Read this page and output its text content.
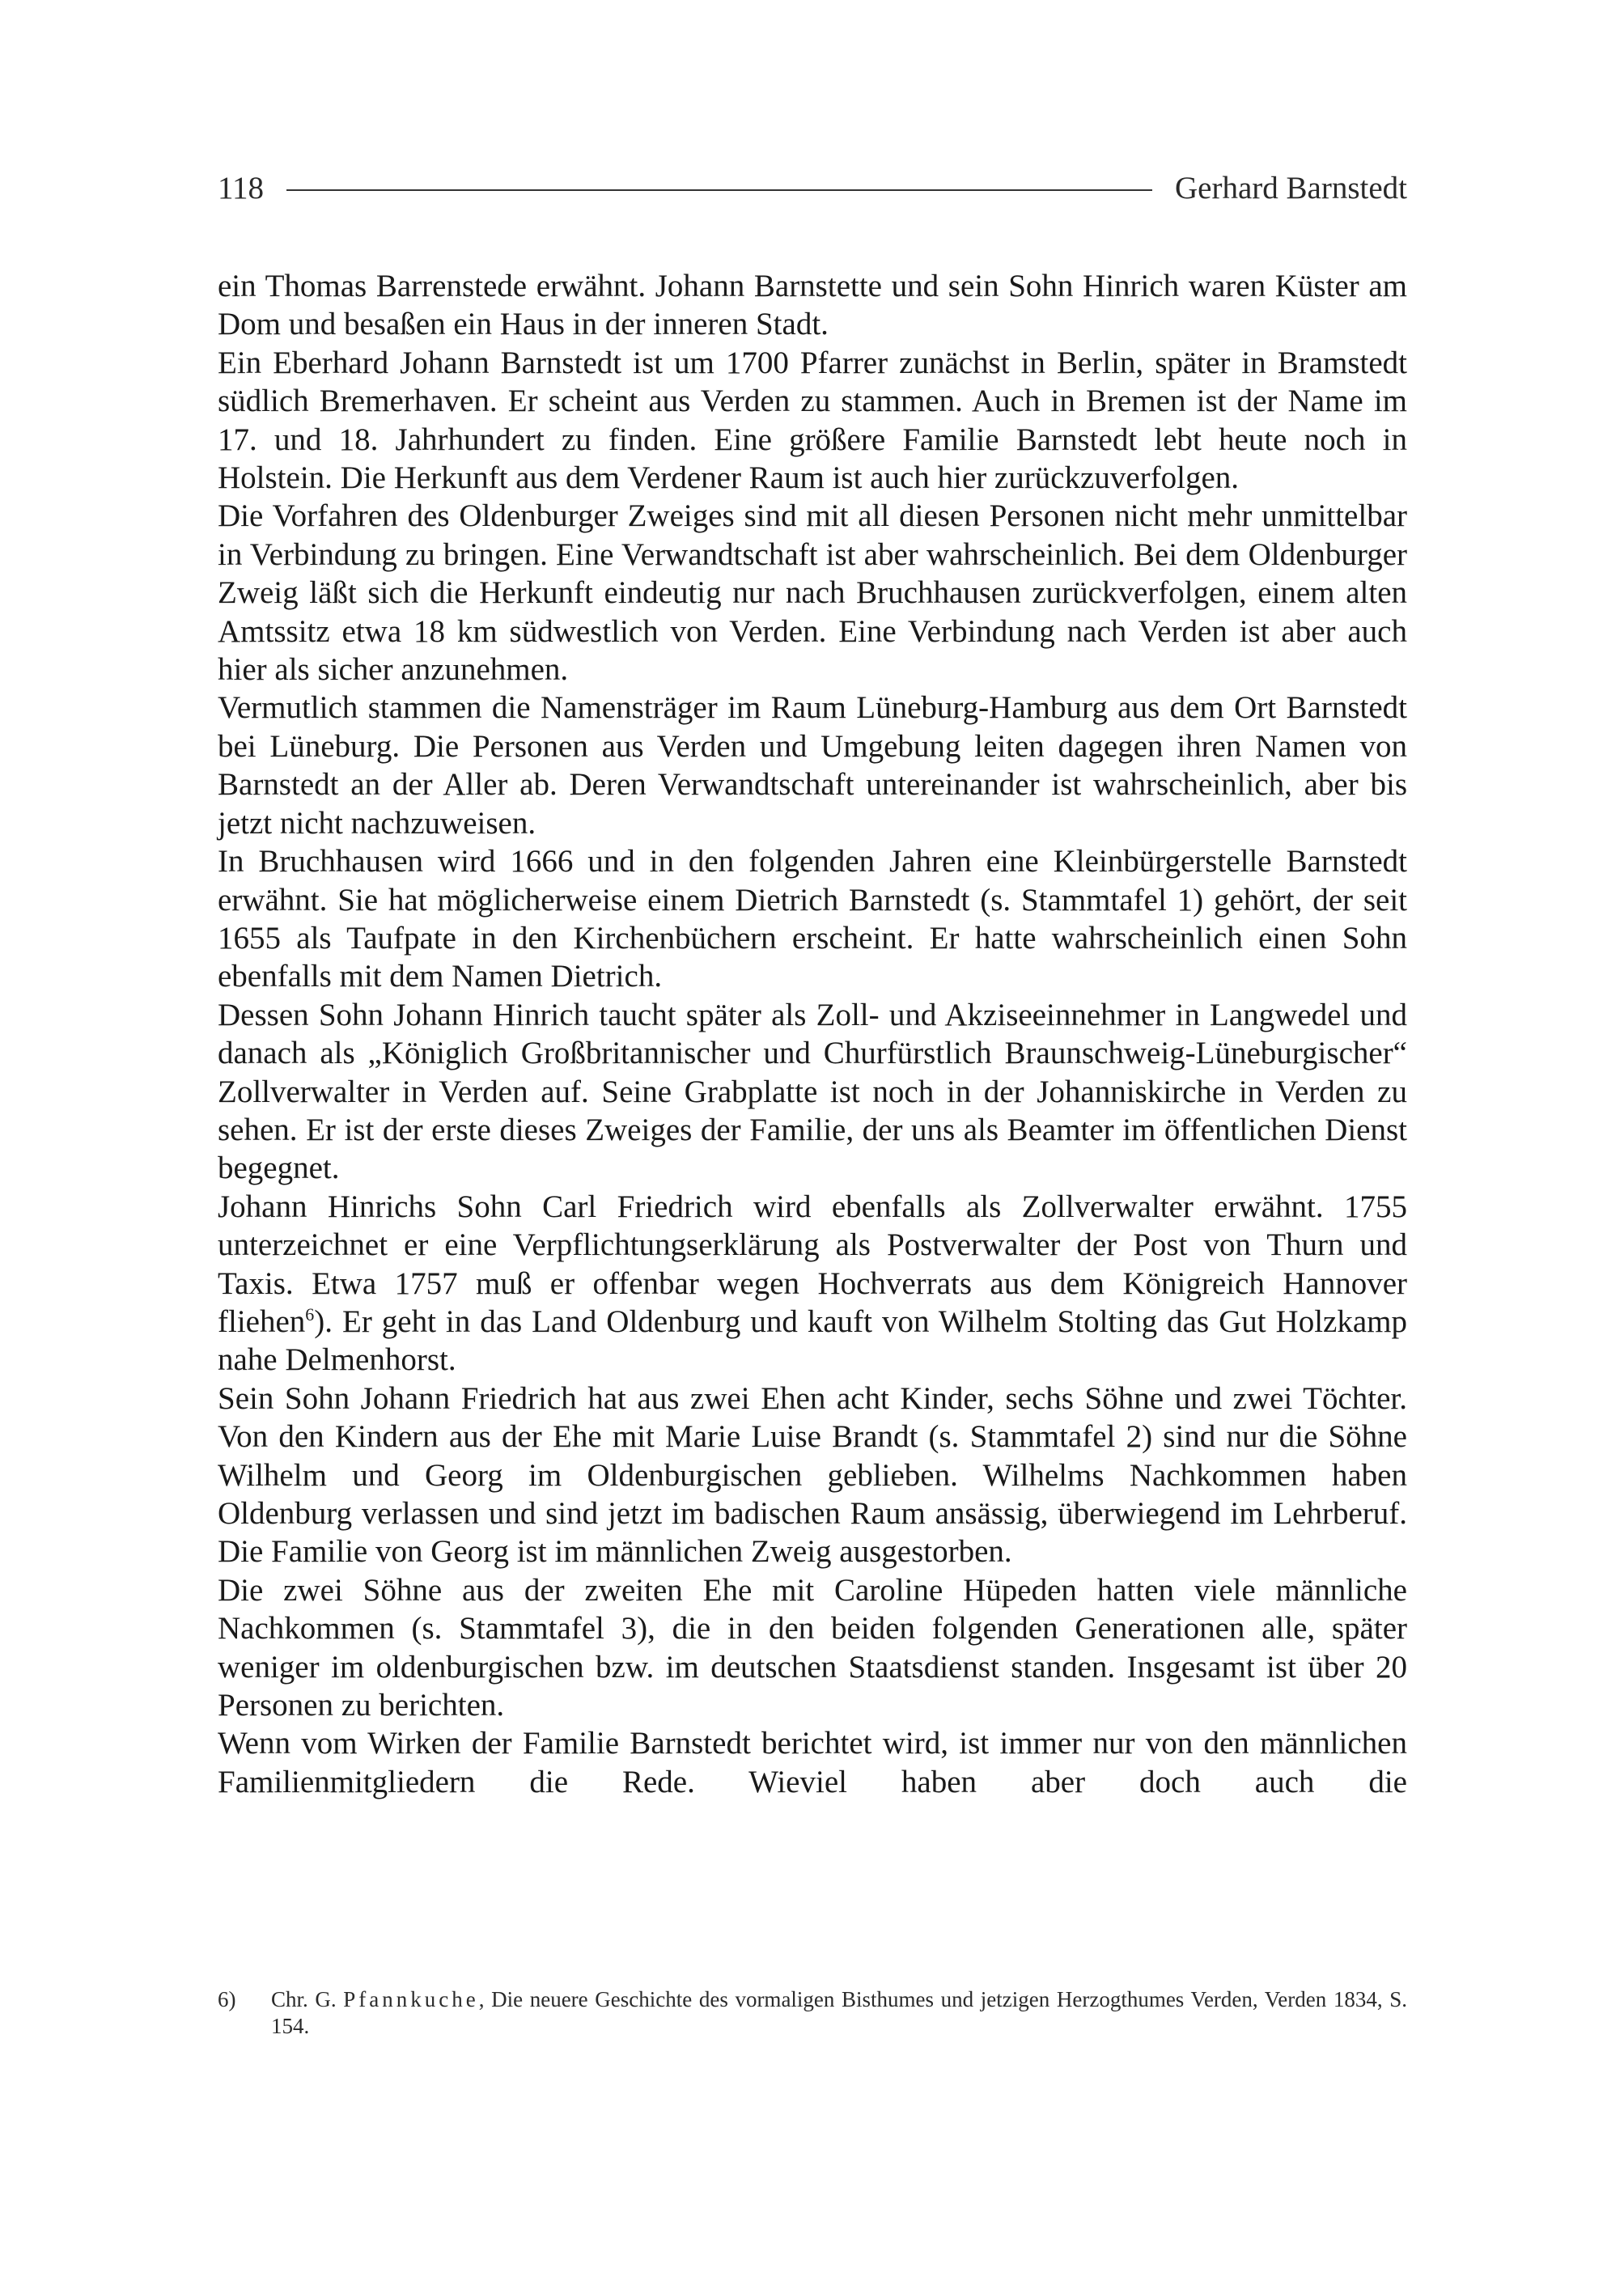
118	Gerhard Barnstedt

ein Thomas Barrenstede erwähnt. Johann Barnstette und sein Sohn Hinrich waren Küster am Dom und besaßen ein Haus in der inneren Stadt.

Ein Eberhard Johann Barnstedt ist um 1700 Pfarrer zunächst in Berlin, später in Bramstedt südlich Bremerhaven. Er scheint aus Verden zu stammen. Auch in Bremen ist der Name im 17. und 18. Jahrhundert zu finden. Eine größere Familie Barnstedt lebt heute noch in Holstein. Die Herkunft aus dem Verdener Raum ist auch hier zurückzuverfolgen.

Die Vorfahren des Oldenburger Zweiges sind mit all diesen Personen nicht mehr unmittelbar in Verbindung zu bringen. Eine Verwandtschaft ist aber wahrscheinlich. Bei dem Oldenburger Zweig läßt sich die Herkunft eindeutig nur nach Bruchhausen zurückverfolgen, einem alten Amtssitz etwa 18 km südwestlich von Verden. Eine Verbindung nach Verden ist aber auch hier als sicher anzunehmen.

Vermutlich stammen die Namensträger im Raum Lüneburg-Hamburg aus dem Ort Barnstedt bei Lüneburg. Die Personen aus Verden und Umgebung leiten dagegen ihren Namen von Barnstedt an der Aller ab. Deren Verwandtschaft untereinander ist wahrscheinlich, aber bis jetzt nicht nachzuweisen.

In Bruchhausen wird 1666 und in den folgenden Jahren eine Kleinbürgerstelle Barnstedt erwähnt. Sie hat möglicherweise einem Dietrich Barnstedt (s. Stammtafel 1) gehört, der seit 1655 als Taufpate in den Kirchenbüchern erscheint. Er hatte wahrscheinlich einen Sohn ebenfalls mit dem Namen Dietrich.

Dessen Sohn Johann Hinrich taucht später als Zoll- und Akziseeinnehmer in Langwedel und danach als „Königlich Großbritannischer und Churfürstlich Braunschweig-Lüneburgischer“ Zollverwalter in Verden auf. Seine Grabplatte ist noch in der Johanniskirche in Verden zu sehen. Er ist der erste dieses Zweiges der Familie, der uns als Beamter im öffentlichen Dienst begegnet.

Johann Hinrichs Sohn Carl Friedrich wird ebenfalls als Zollverwalter erwähnt. 1755 unterzeichnet er eine Verpflichtungserklärung als Postverwalter der Post von Thurn und Taxis. Etwa 1757 muß er offenbar wegen Hochverrats aus dem Königreich Hannover fliehen$^6$). Er geht in das Land Oldenburg und kauft von Wilhelm Stolting das Gut Holzkamp nahe Delmenhorst.

Sein Sohn Johann Friedrich hat aus zwei Ehen acht Kinder, sechs Söhne und zwei Töchter. Von den Kindern aus der Ehe mit Marie Luise Brandt (s. Stammtafel 2) sind nur die Söhne Wilhelm und Georg im Oldenburgischen geblieben. Wilhelms Nachkommen haben Oldenburg verlassen und sind jetzt im badischen Raum ansässig, überwiegend im Lehrberuf. Die Familie von Georg ist im männlichen Zweig ausgestorben.

Die zwei Söhne aus der zweiten Ehe mit Caroline Hüpeden hatten viele männliche Nachkommen (s. Stammtafel 3), die in den beiden folgenden Generationen alle, später weniger im oldenburgischen bzw. im deutschen Staatsdienst standen. Insgesamt ist über 20 Personen zu berichten.

Wenn vom Wirken der Familie Barnstedt berichtet wird, ist immer nur von den männlichen Familienmitgliedern die Rede. Wieviel haben aber doch auch die

6)	Chr. G. Pfannkuche, Die neuere Geschichte des vormaligen Bisthumes und jetzigen Herzogthumes Verden, Verden 1834, S. 154.
